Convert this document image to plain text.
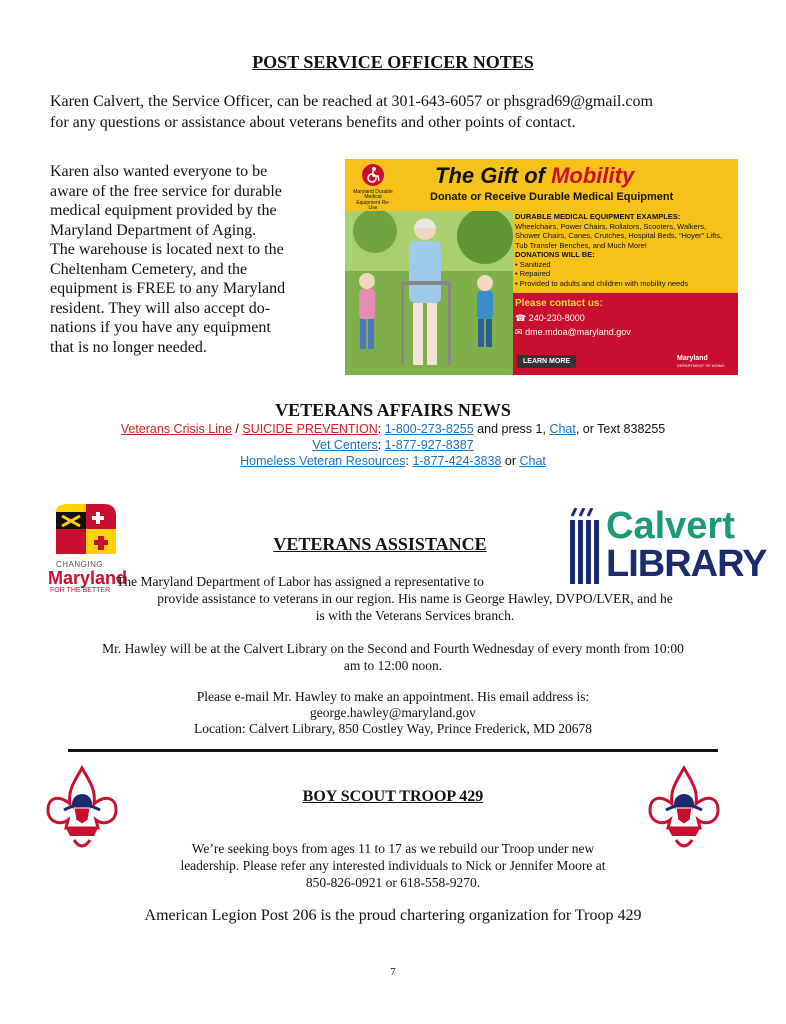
POST SERVICE OFFICER NOTES
Karen Calvert, the Service Officer, can be reached at 301-643-6057 or phsgrad69@gmail.com
for any questions or assistance about veterans benefits and other points of contact.
Karen also wanted everyone to be
aware of the free service for durable
medical equipment provided by the
Maryland Department of Aging.
The warehouse is located next to the
Cheltenham Cemetery, and the
equipment is FREE to any Maryland
resident. They will also accept do-
nations if you have any equipment
that is no longer needed.
Maryland Durable Medical Equipment Re-Use
The Gift of Mobility
Donate or Receive Durable Medical Equipment
DURABLE MEDICAL EQUIPMENT EXAMPLES:
Wheelchairs, Power Chairs, Rollators, Scooters, Walkers, Shower Chairs, Canes, Crutches, Hospital Beds, "Hoyer" Lifts, Tub Transfer Benches, and Much More!
DONATIONS WILL BE:
• Sanitized
• Repaired
• Provided to adults and children with mobility needs
Please contact us:
☎ 240-230-8000
✉ dme.mdoa@maryland.gov
LEARN MORE	Maryland
DEPARTMENT OF AGING
VETERANS AFFAIRS NEWS
Veterans Crisis Line / SUICIDE PREVENTION: 1-800-273-8255 and press 1, Chat, or Text 838255
Vet Centers: 1-877-927-8387
Homeless Veteran Resources: 1-877-424-3838 or Chat
CHANGING
Maryland
FOR THE BETTER
Calvert
LIBRARY
VETERANS ASSISTANCE
The Maryland Department of Labor has assigned a representative to
provide assistance to veterans in our region. His name is George Hawley, DVPO/LVER, and he
is with the Veterans Services branch.
Mr. Hawley will be at the Calvert Library on the Second and Fourth Wednesday of every month from 10:00
am to 12:00 noon.
Please e-mail Mr. Hawley to make an appointment. His email address is:
george.hawley@maryland.gov
Location: Calvert Library, 850 Costley Way, Prince Frederick, MD 20678
BOY SCOUT TROOP 429
We’re seeking boys from ages 11 to 17 as we rebuild our Troop under new
leadership. Please refer any interested individuals to Nick or Jennifer Moore at
850-826-0921 or 618-558-9270.
American Legion Post 206 is the proud chartering organization for Troop 429
7
